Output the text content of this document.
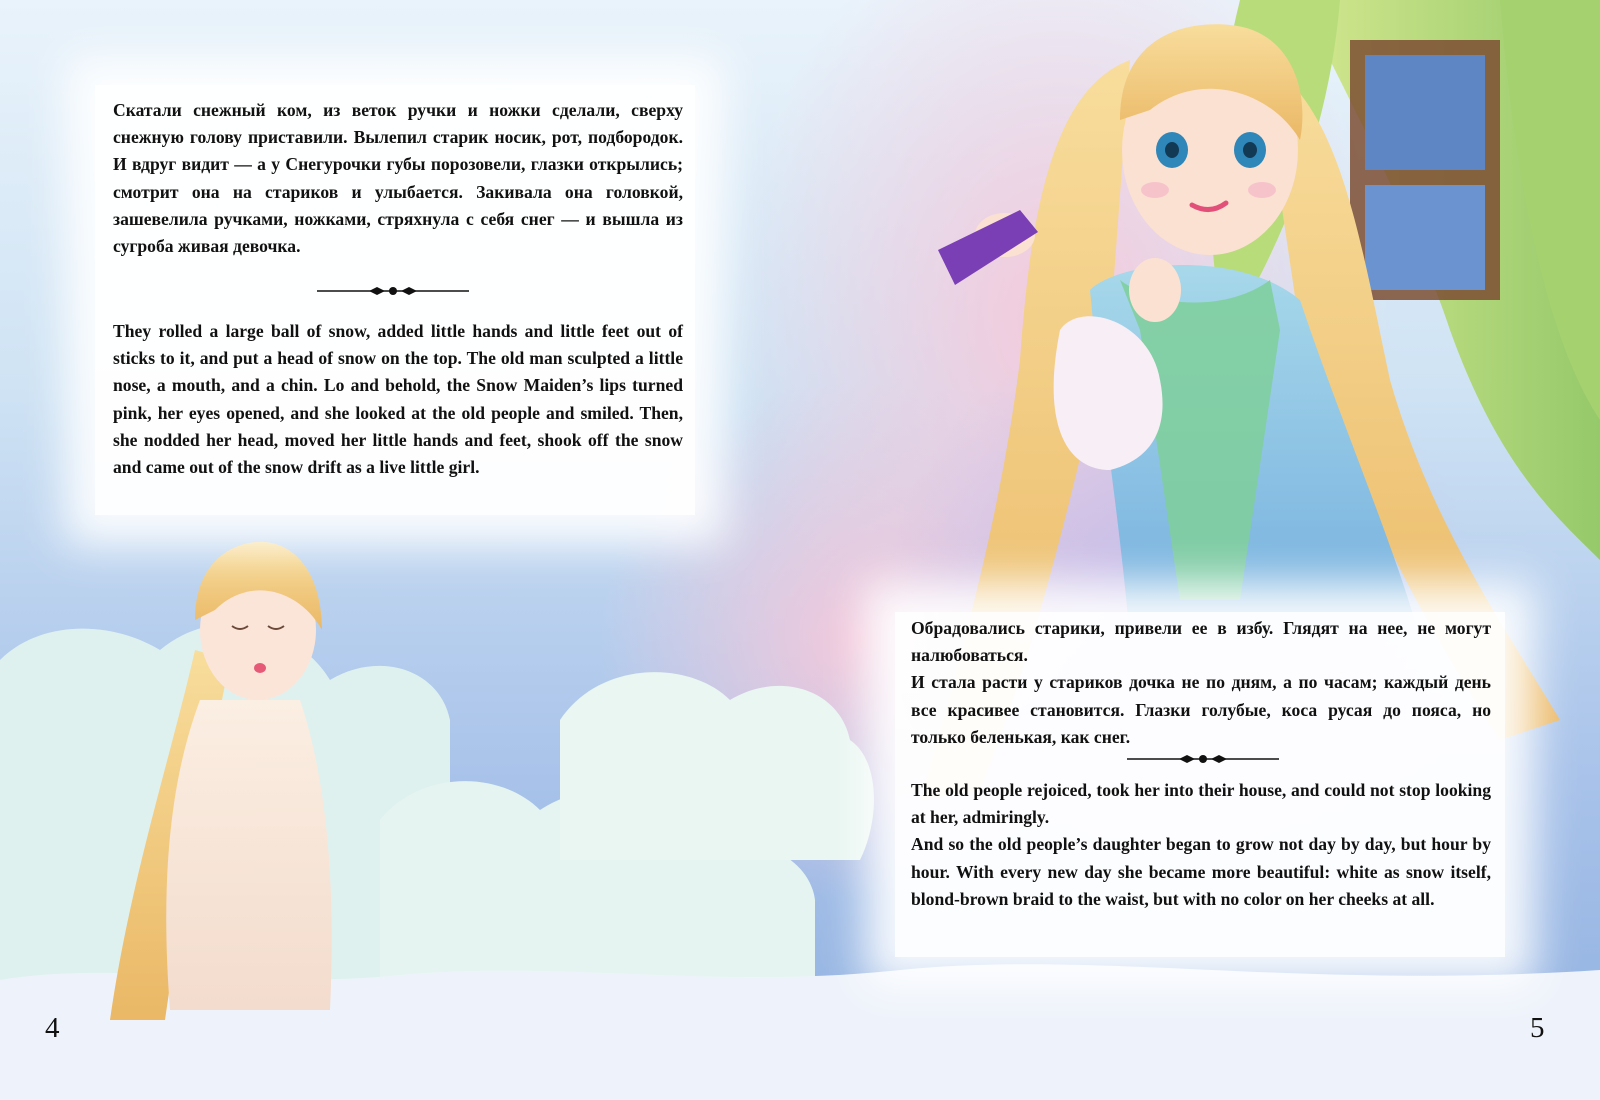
Скатали снежный ком, из веток ручки и ножки сделали, сверху снежную голову приставили. Вылепил старик носик, рот, подбородок. И вдруг видит — а у Снегурочки губы порозовели, глазки открылись; смотрит она на стариков и улыбается. Закивала она головкой, зашевелила ручками, ножками, стряхнула с себя снег — и вышла из сугроба живая девочка.

They rolled a large ball of snow, added little hands and little feet out of sticks to it, and put a head of snow on the top. The old man sculpted a little nose, a mouth, and a chin. Lo and behold, the Snow Maiden’s lips turned pink, her eyes opened, and she looked at the old people and smiled. Then, she nodded her head, moved her little hands and feet, shook off the snow and came out of the snow drift as a live little girl.

Обрадовались старики, привели ее в избу. Глядят на нее, не могут налюбоваться.
И стала расти у стариков дочка не по дням, а по часам; каждый день все красивее становится. Глазки голубые, коса русая до пояса, но только беленькая, как снег.
The old people rejoiced, took her into their house, and could not stop looking at her, admiringly.
And so the old people’s daughter began to grow not day by day, but hour by hour. With every new day she became more beautiful: white as snow itself, blond-brown braid to the waist, but with no color on her cheeks at all.
4	5
